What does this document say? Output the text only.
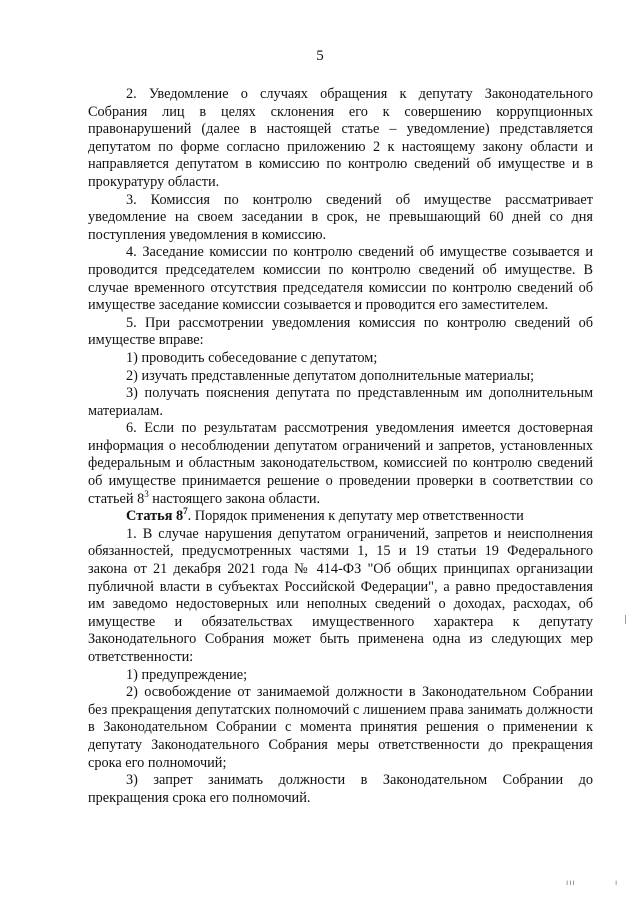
5

2. Уведомление о случаях обращения к депутату Законодательного Собрания лиц в целях склонения его к совершению коррупционных правонарушений (далее в настоящей статье – уведомление) представляется депутатом по форме согласно приложению 2 к настоящему закону области и направляется депутатом в комиссию по контролю сведений об имуществе и в прокуратуру области.

3. Комиссия по контролю сведений об имуществе рассматривает уведомление на своем заседании в срок, не превышающий 60 дней со дня поступления уведомления в комиссию.

4. Заседание комиссии по контролю сведений об имуществе созывается и проводится председателем комиссии по контролю сведений об имуществе. В случае временного отсутствия председателя комиссии по контролю сведений об имуществе заседание комиссии созывается и проводится его заместителем.

5. При рассмотрении уведомления комиссия по контролю сведений об имуществе вправе:

1) проводить собеседование с депутатом;

2) изучать представленные депутатом дополнительные материалы;

3) получать пояснения депутата по представленным им дополнительным материалам.

6. Если по результатам рассмотрения уведомления имеется достоверная информация о несоблюдении депутатом ограничений и запретов, установленных федеральным и областным законодательством, комиссией по контролю сведений об имуществе принимается решение о проведении проверки в соответствии со статьей $8^3$ настоящего закона области.

Статья $8^7$. Порядок применения к депутату мер ответственности

1. В случае нарушения депутатом ограничений, запретов и неисполнения обязанностей, предусмотренных частями 1, 15 и 19 статьи 19 Федерального закона от 21 декабря 2021 года № 414-ФЗ "Об общих принципах организации публичной власти в субъектах Российской Федерации", а равно предоставления им заведомо недостоверных или неполных сведений о доходах, расходах, об имуществе и обязательствах имущественного характера к депутату Законодательного Собрания может быть применена одна из следующих мер ответственности:

1) предупреждение;

2) освобождение от занимаемой должности в Законодательном Собрании без прекращения депутатских полномочий с лишением права занимать должности в Законодательном Собрании с момента принятия решения о применении к депутату Законодательного Собрания меры ответственности до прекращения срока его полномочий;

3) запрет занимать должности в Законодательном Собрании до прекращения срока его полномочий.

ııı	ı
